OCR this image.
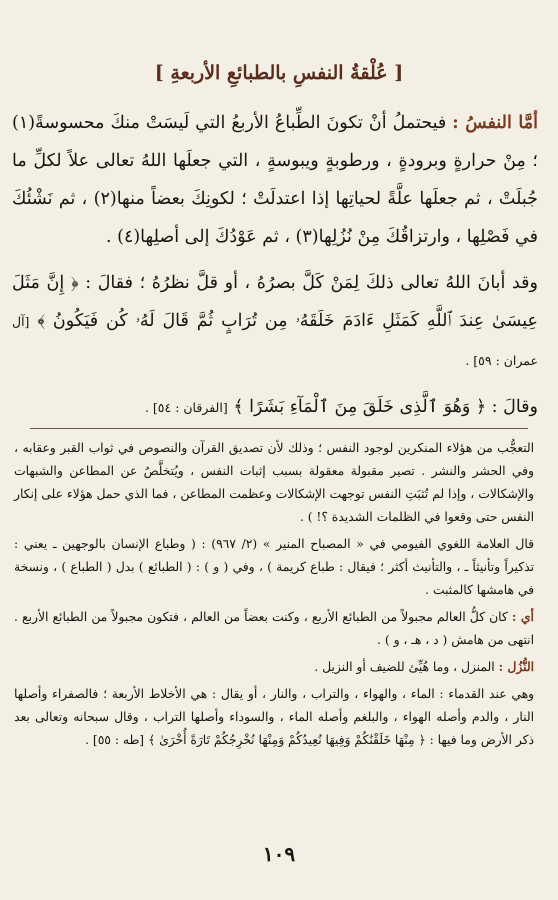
[ عُلْقةُ النفسِ بالطبائعِ الأربعةِ ]

أمَّا النفسُ : فيحتملُ أنْ تكونَ الطِّباعُ الأربعُ التي لَيسَتْ منكَ محسوسةً(١) ؛ مِنْ حرارةٍ وبرودةٍ ، ورطوبةٍ ويبوسةٍ ، التي جعلَها اللهُ تعالى علاً لكلِّ ما جُبلَتْ ، ثم جعلَها علَّةً لحياتِها إذا اعتدلَتْ ؛ لكونِكَ بعضاً منها(٢) ، ثم نَشْئُكَ في فَصْلِها ، وارتزاقُكَ مِنْ نُزُلِها(٣) ، ثم عَوْدُكَ إلى أصلِها(٤) .

وقد أبانَ اللهُ تعالى ذلكَ لِمَنْ كَلَّ بصرُهُ ، أو قلَّ نظرُهُ ؛ فقالَ : ﴿ إِنَّ مَثَلَ عِيسَىٰ عِندَ ٱللَّهِ كَمَثَلِ ءَادَمَ خَلَقَهُۥ مِن تُرَابٍ ثُمَّ قَالَ لَهُۥ كُن فَيَكُونُ ﴾ [آل عمران : ٥٩] .

وقالَ : ﴿ وَهُوَ ٱلَّذِى خَلَقَ مِنَ ٱلْمَآءِ بَشَرًا ﴾ [الفرقان : ٥٤] .

التعجُّب من هؤلاء المنكرين لوجود النفس ؛ وذلك لأن تصديق القرآن والنصوص في ثواب القبر وعقابه ، وفي الحشر والنشر . تصير مقبولة معقولة بسبب إثبات النفس ، ويُتخلَّصُ عن المطاعن والشبهات والإشكالات ، وإذا لم تُثبَتِ النفس توجهت الإشكالات وعظمت المطاعن ، فما الذي حمل هؤلاء على إنكار النفس حتى وقعوا في الظلمات الشديدة ؟! ) .

قال العلامة اللغوي الفيومي في « المصباح المنير » (٢/ ٩٦٧) : ( وطباع الإنسان بالوجهين ـ يعني : تذكيراً وتأنيثاً ـ ، والتأنيث أكثر ؛ فيقال : طباع كريمة ) ، وفي ( و ) : ( الطبائع ) بدل ( الطباع ) ، ونسخة في هامشها كالمثبت .

أي : كان كلُّ العالم مجبولاً من الطبائع الأربع ، وكنت بعضاً من العالم ، فتكون مجبولاً من الطبائع الأربع . انتهى من هامش ( د ، هـ ، و ) .

النُّزُل : المنزل ، وما هُيِّئ للضيف أو النزيل .

وهي عند القدماء : الماء ، والهواء ، والتراب ، والنار ، أو يقال : هي الأخلاط الأربعة ؛ فالصفراء وأصلها النار ، والدم وأصله الهواء ، والبلغم وأصله الماء ، والسوداء وأصلها التراب ، وقال سبحانه وتعالى بعد ذكر الأرض وما فيها : ﴿ مِنْهَا خَلَقْنَٰكُمْ وَفِيهَا نُعِيدُكُمْ وَمِنْهَا نُخْرِجُكُمْ تَارَةً أُخْرَىٰ ﴾ [طه : ٥٥] .

١٠٩
